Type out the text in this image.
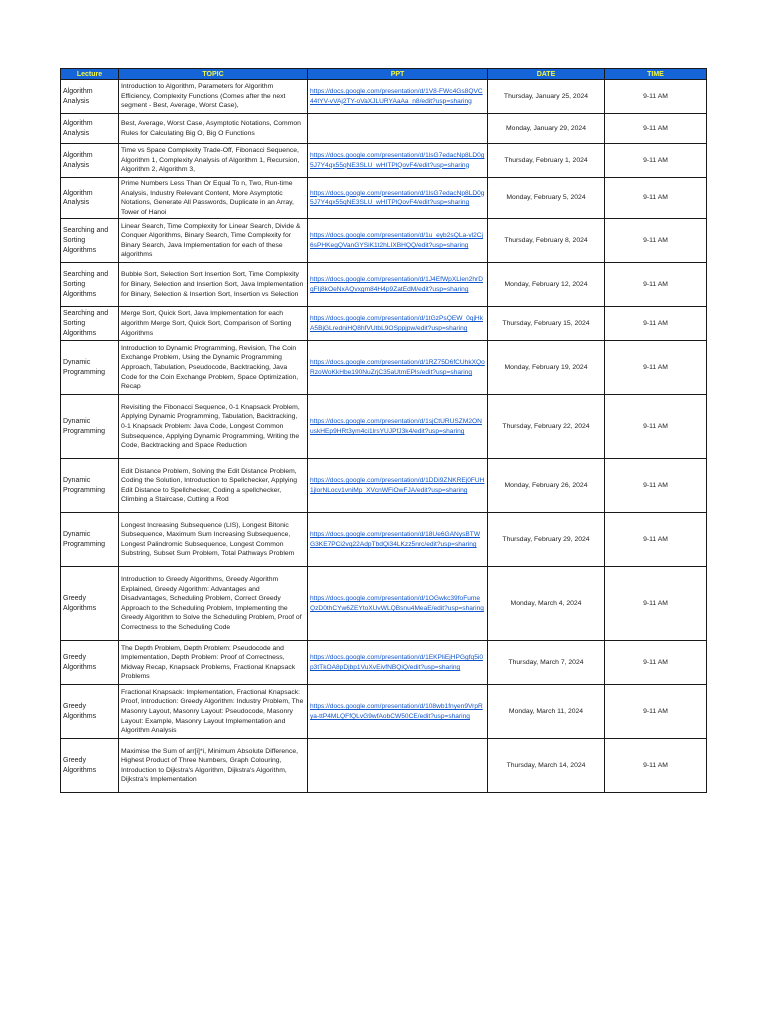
Lecture	TOPIC	PPT	DATE	TIME
Algorithm Analysis	Introduction to Algorithm, Parameters for Algorithm Efficiency, Complexity Functions (Comes after the next segment - Best, Average, Worst Case),	https://docs.google.com/presentation/d/1V8-FWc4Gs8QVC44tYV-vVAj2TY-oVaXJLURYAaAa_n8/edit?usp=sharing	Thursday, January 25, 2024	9-11 AM
Algorithm Analysis	Best, Average, Worst Case, Asymptotic Notations, Common Rules for Calculating Big O, Big O Functions		Monday, January 29, 2024	9-11 AM
Algorithm Analysis	Time vs Space Complexity Trade-Off, Fibonacci Sequence, Algorithm 1, Complexity Analysis of Algorithm 1, Recursion, Algorithm 2, Algorithm 3,	https://docs.google.com/presentation/d/1lsG7edacNp8LD0g5J7Y4qx55qNE3SLU_wHITPlQovF4/edit?usp=sharing	Thursday, February 1, 2024	9-11 AM
Algorithm Analysis	Prime Numbers Less Than Or Equal To n, Two, Run-time Analysis, Industry Relevant Content, More Asymptotic Notations, Generate All Passwords, Duplicate in an Array, Tower of Hanoi	https://docs.google.com/presentation/d/1lsG7edacNp8LD0g5J7Y4qx55qNE3SLU_wHITPlQovF4/edit?usp=sharing	Monday, February 5, 2024	9-11 AM
Searching and Sorting Algorithms	Linear Search, Time Complexity for Linear Search, Divide & Conquer Algorithms, Binary Search, Time Complexity for Binary Search, Java Implementation for each of these algorithms	https://docs.google.com/presentation/d/1u_eyb2sQLa-vl2Cj6sPHKegQVanGYSiK1t2hLIXBHQQ/edit?usp=sharing	Thursday, February 8, 2024	9-11 AM
Searching and Sorting Algorithms	Bubble Sort, Selection Sort Insertion Sort, Time Complexity for Binary, Selection and Insertion Sort, Java Implementation for Binary, Selection & Insertion Sort, Insertion vs Selection	https://docs.google.com/presentation/d/1J4EfWpXLlen2hrDqFIj8kOeNxAQvxgm84H4p9ZatEdM/edit?usp=sharing	Monday, February 12, 2024	9-11 AM
Searching and Sorting Algorithms	Merge Sort, Quick Sort, Java Implementation for each algorithm Merge Sort, Quick Sort, Comparison of Sorting Algorithms	https://docs.google.com/presentation/d/1tGzPsQEW_0qjHkA5BjGLredniHQ8hfVUtbL9OSppjpw/edit?usp=sharing	Thursday, February 15, 2024	9-11 AM
Dynamic Programming	Introduction to Dynamic Programming, Revision, The Coin Exchange Problem, Using the Dynamic Programming Approach, Tabulation, Pseudocode, Backtracking, Java Code for the Coin Exchange Problem, Space Optimization, Recap	https://docs.google.com/presentation/d/1RZ75D6fCUhkXQoRzoWoKkHbe190NuZrjC35aUtmEPls/edit?usp=sharing	Monday, February 19, 2024	9-11 AM
Dynamic Programming	Revisiting the Fibonacci Sequence, 0-1 Knapsack Problem, Applying Dynamic Programming, Tabulation, Backtracking, 0-1 Knapsack Problem: Java Code, Longest Common Subsequence, Applying Dynamic Programming, Writing the Code, Backtracking and Space Reduction	https://docs.google.com/presentation/d/1sjCtURUSZM2ONuskHEp9HRt3ym4ci1lrsYUJPfJ3k4/edit?usp=sharing	Thursday, February 22, 2024	9-11 AM
Dynamic Programming	Edit Distance Problem, Solving the Edit Distance Problem, Coding the Solution, Introduction to Spellchecker, Applying Edit Distance to Spellchecker, Coding a spellchecker, Climbing a Staircase, Cutting a Rod	https://docs.google.com/presentation/d/1DDi9ZNKREj0FUH1jlorNLocv1vniMp_XVcnWFiOwFJA/edit?usp=sharing	Monday, February 26, 2024	9-11 AM
Dynamic Programming	Longest Increasing Subsequence (LIS), Longest Bitonic Subsequence, Maximum Sum Increasing Subsequence, Longest Palindromic Subsequence, Longest Common Substring, Subset Sum Problem, Total Pathways Problem	https://docs.google.com/presentation/d/18Ue6GANysBTWG3KE7PCi2vq22AdpTbdQi34LKzz5nrc/edit?usp=sharing	Thursday, February 29, 2024	9-11 AM
Greedy Algorithms	Introduction to Greedy Algorithms, Greedy Algorithm Explained, Greedy Algorithm: Advantages and Disadvantages, Scheduling Problem, Correct Greedy Approach to the Scheduling Problem, Implementing the Greedy Algorithm to Solve the Scheduling Problem, Proof of Correctness to the Scheduling Code	https://docs.google.com/presentation/d/1OGwkc39foFumeQzD0thCYw6ZEYtoXUvWLQBsnu4MeaE/edit?usp=sharing	Monday, March 4, 2024	9-11 AM
Greedy Algorithms	The Depth Problem, Depth Problem: Pseudocode and Implementation, Depth Problem: Proof of Correctness, Midway Recap, Knapsack Problems, Fractional Knapsack Problems	https://docs.google.com/presentation/d/1EKPliEjHPGgfq5i0p3tTkOA8pDjbp1VuXvEivfNBQiQ/edit?usp=sharing	Thursday, March 7, 2024	9-11 AM
Greedy Algorithms	Fractional Knapsack: Implementation, Fractional Knapsack: Proof, Introduction: Greedy Algorithm: Industry Problem, The Masonry Layout, Masonry Layout: Pseudocode, Masonry Layout: Example, Masonry Layout Implementation and Algorithm Analysis	https://docs.google.com/presentation/d/108wb1fnyen9VrpRya-ttP4MLQFfQLvG9wfAobCW50CE/edit?usp=sharing	Monday, March 11, 2024	9-11 AM
Greedy Algorithms	Maximise the Sum of arr[i]*i, Minimum Absolute Difference, Highest Product of Three Numbers, Graph Colouring, Introduction to Dijkstra's Algorithm, Dijkstra's Algorithm, Dijkstra's Implementation		Thursday, March 14, 2024	9-11 AM
